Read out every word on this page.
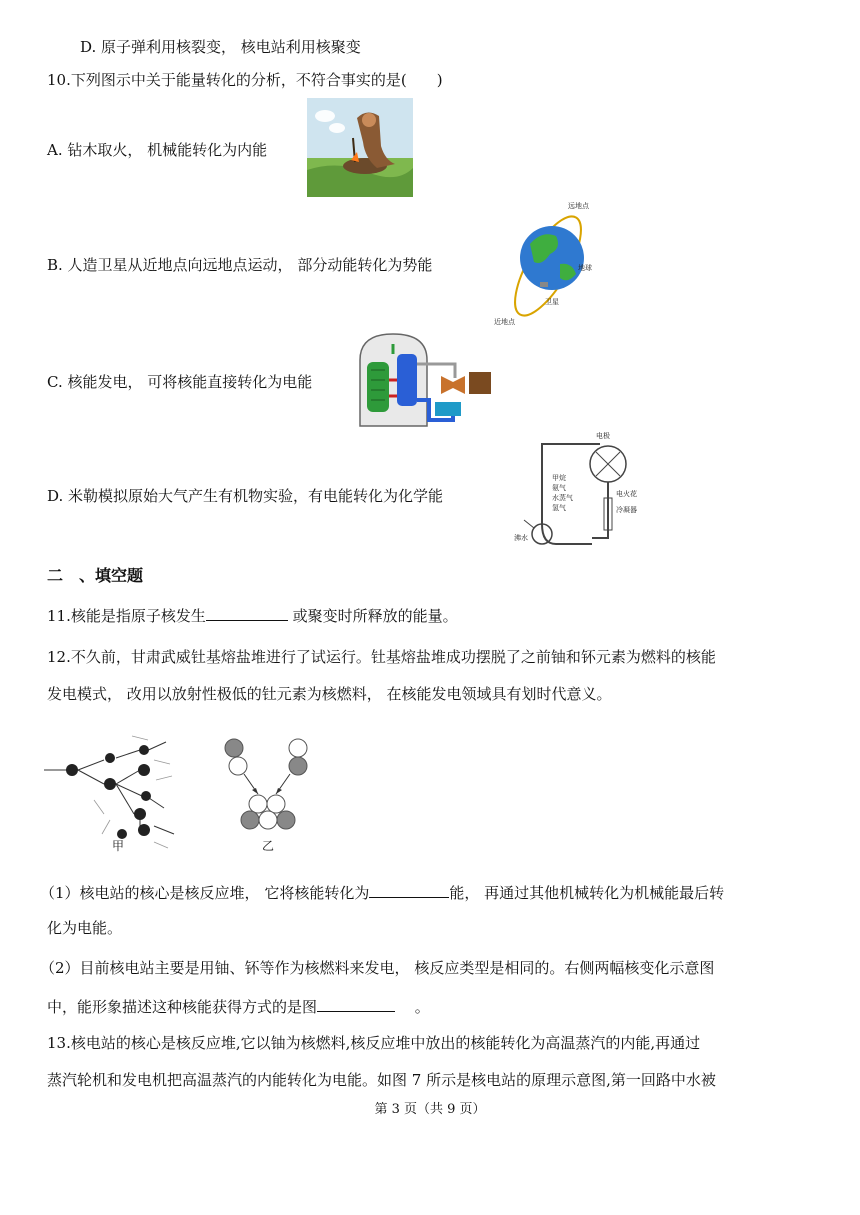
D. 原子弹利用核裂变， 核电站利用核聚变
10.下列图示中关于能量转化的分析，不符合事实的是(　　)
A. 钻木取火， 机械能转化为内能
B. 人造卫星从近地点向远地点运动， 部分动能转化为势能
远地点
地球
卫星
近地点
C. 核能发电， 可将核能直接转化为电能
D. 米勒模拟原始大气产生有机物实验，有电能转化为化学能
电极
甲烷
氨气
水蒸气
氢气
电火花
冷凝器
沸水
二　、填空题
11.核能是指原子核发生	或聚变时所释放的能量。
12.不久前，甘肃武威钍基熔盐堆进行了试运行。钍基熔盐堆成功摆脱了之前铀和钚元素为燃料的核能
发电模式， 改用以放射性极低的钍元素为核燃料， 在核能发电领域具有划时代意义。
甲	乙
（1）核电站的核心是核反应堆， 它将核能转化为	能， 再通过其他机械转化为机械能最后转
化为电能。
（2）目前核电站主要是用铀、钚等作为核燃料来发电， 核反应类型是相同的。右侧两幅核变化示意图
中，能形象描述这种核能获得方式的是图	　 。
13.核电站的核心是核反应堆,它以铀为核燃料,核反应堆中放出的核能转化为高温蒸汽的内能,再通过
蒸汽轮机和发电机把高温蒸汽的内能转化为电能。如图 7 所示是核电站的原理示意图,第一回路中水被
第 3 页（共 9 页）
